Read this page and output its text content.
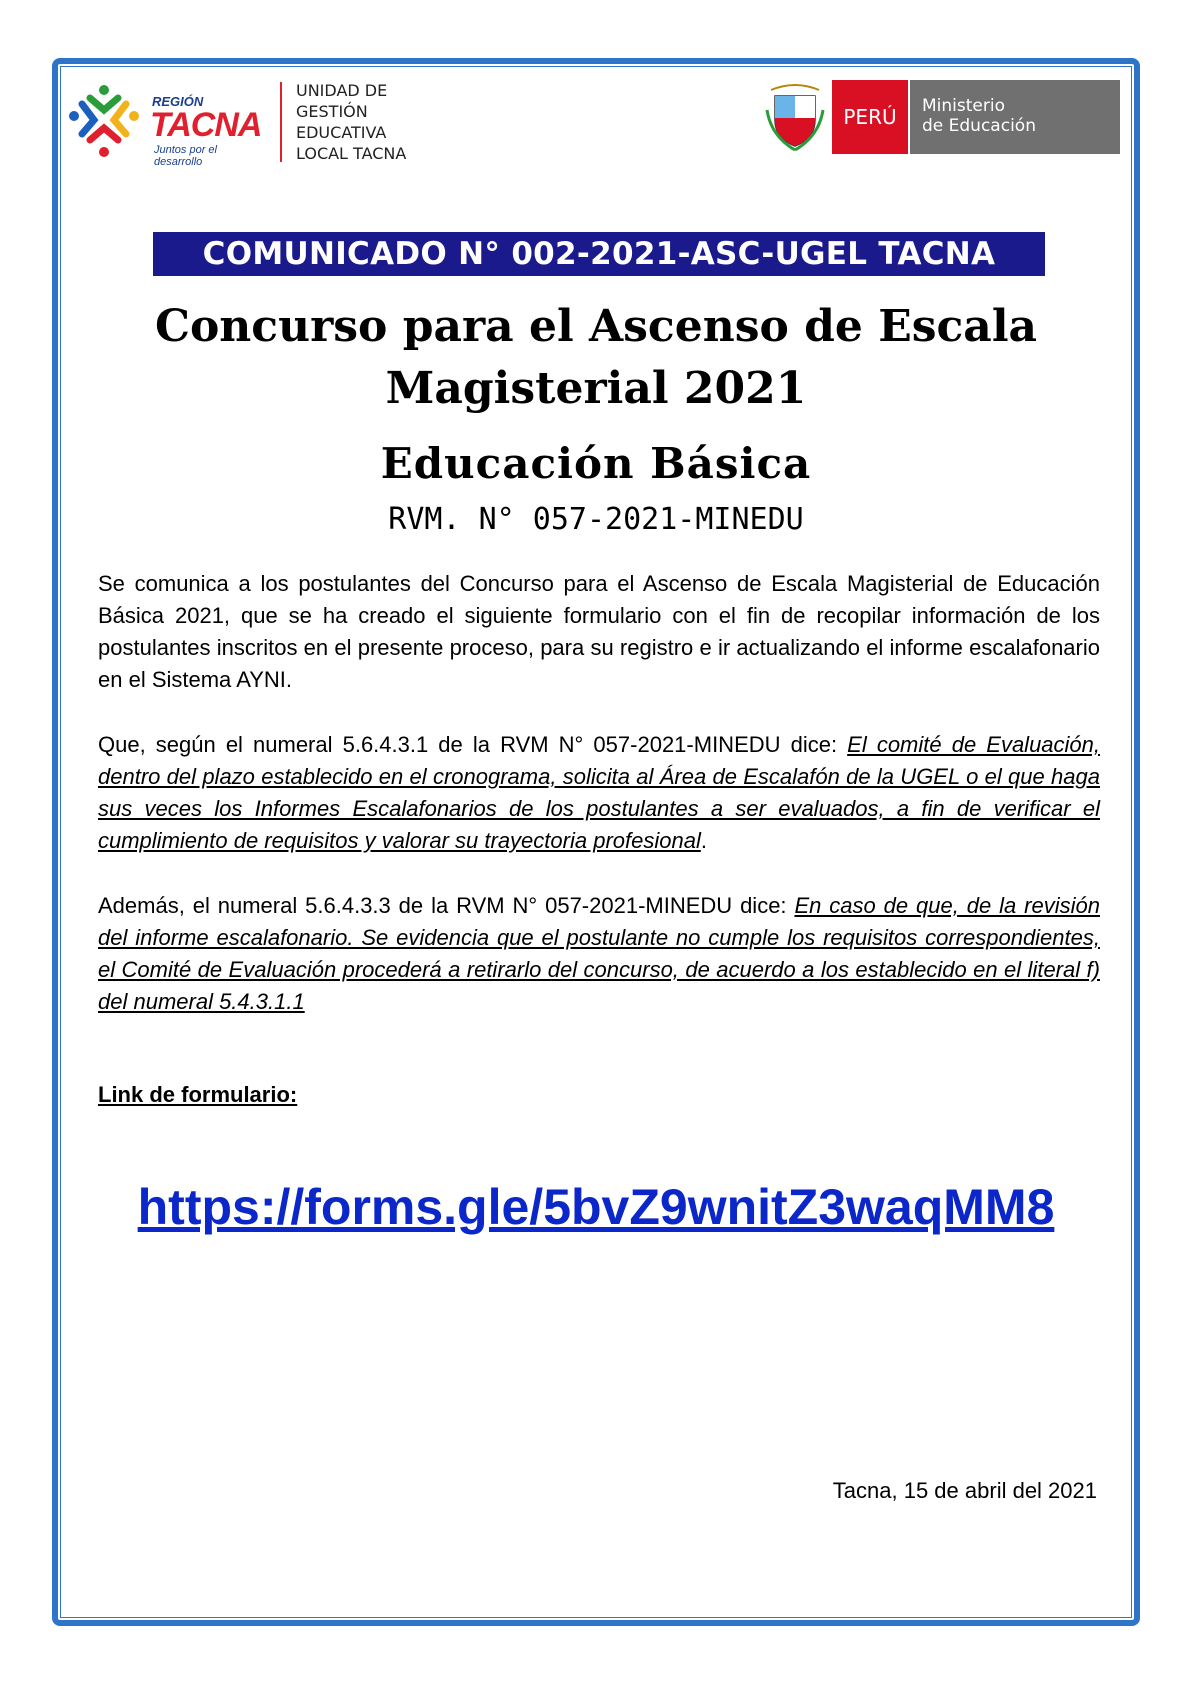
REGIÓN
TACNA
Juntos por el desarrollo
UNIDAD DE
GESTIÓN
EDUCATIVA
LOCAL TACNA
PERÚ	Ministerio
de Educación
COMUNICADO N° 002-2021-ASC-UGEL TACNA
Concurso para el Ascenso de Escala Magisterial 2021
Educación Básica
RVM. N° 057-2021-MINEDU
Se comunica a los postulantes del Concurso para el Ascenso de Escala Magisterial de Educación Básica 2021, que se ha creado el siguiente formulario con el fin de recopilar información de los postulantes inscritos en el presente proceso, para su registro e ir actualizando el informe escalafonario en el Sistema AYNI.
Que, según el numeral 5.6.4.3.1 de la RVM N° 057-2021-MINEDU dice: El comité de Evaluación, dentro del plazo establecido en el cronograma, solicita al Área de Escalafón de la UGEL o el que haga sus veces los Informes Escalafonarios de los postulantes a ser evaluados, a fin de verificar el cumplimiento de requisitos y valorar su trayectoria profesional.
Además, el numeral 5.6.4.3.3 de la RVM N° 057-2021-MINEDU dice: En caso de que, de la revisión del informe escalafonario. Se evidencia que el postulante no cumple los requisitos correspondientes, el Comité de Evaluación procederá a retirarlo del concurso, de acuerdo a los establecido en el literal f) del numeral 5.4.3.1.1
Link de formulario:
https://forms.gle/5bvZ9wnitZ3waqMM8
Tacna, 15 de abril del 2021
